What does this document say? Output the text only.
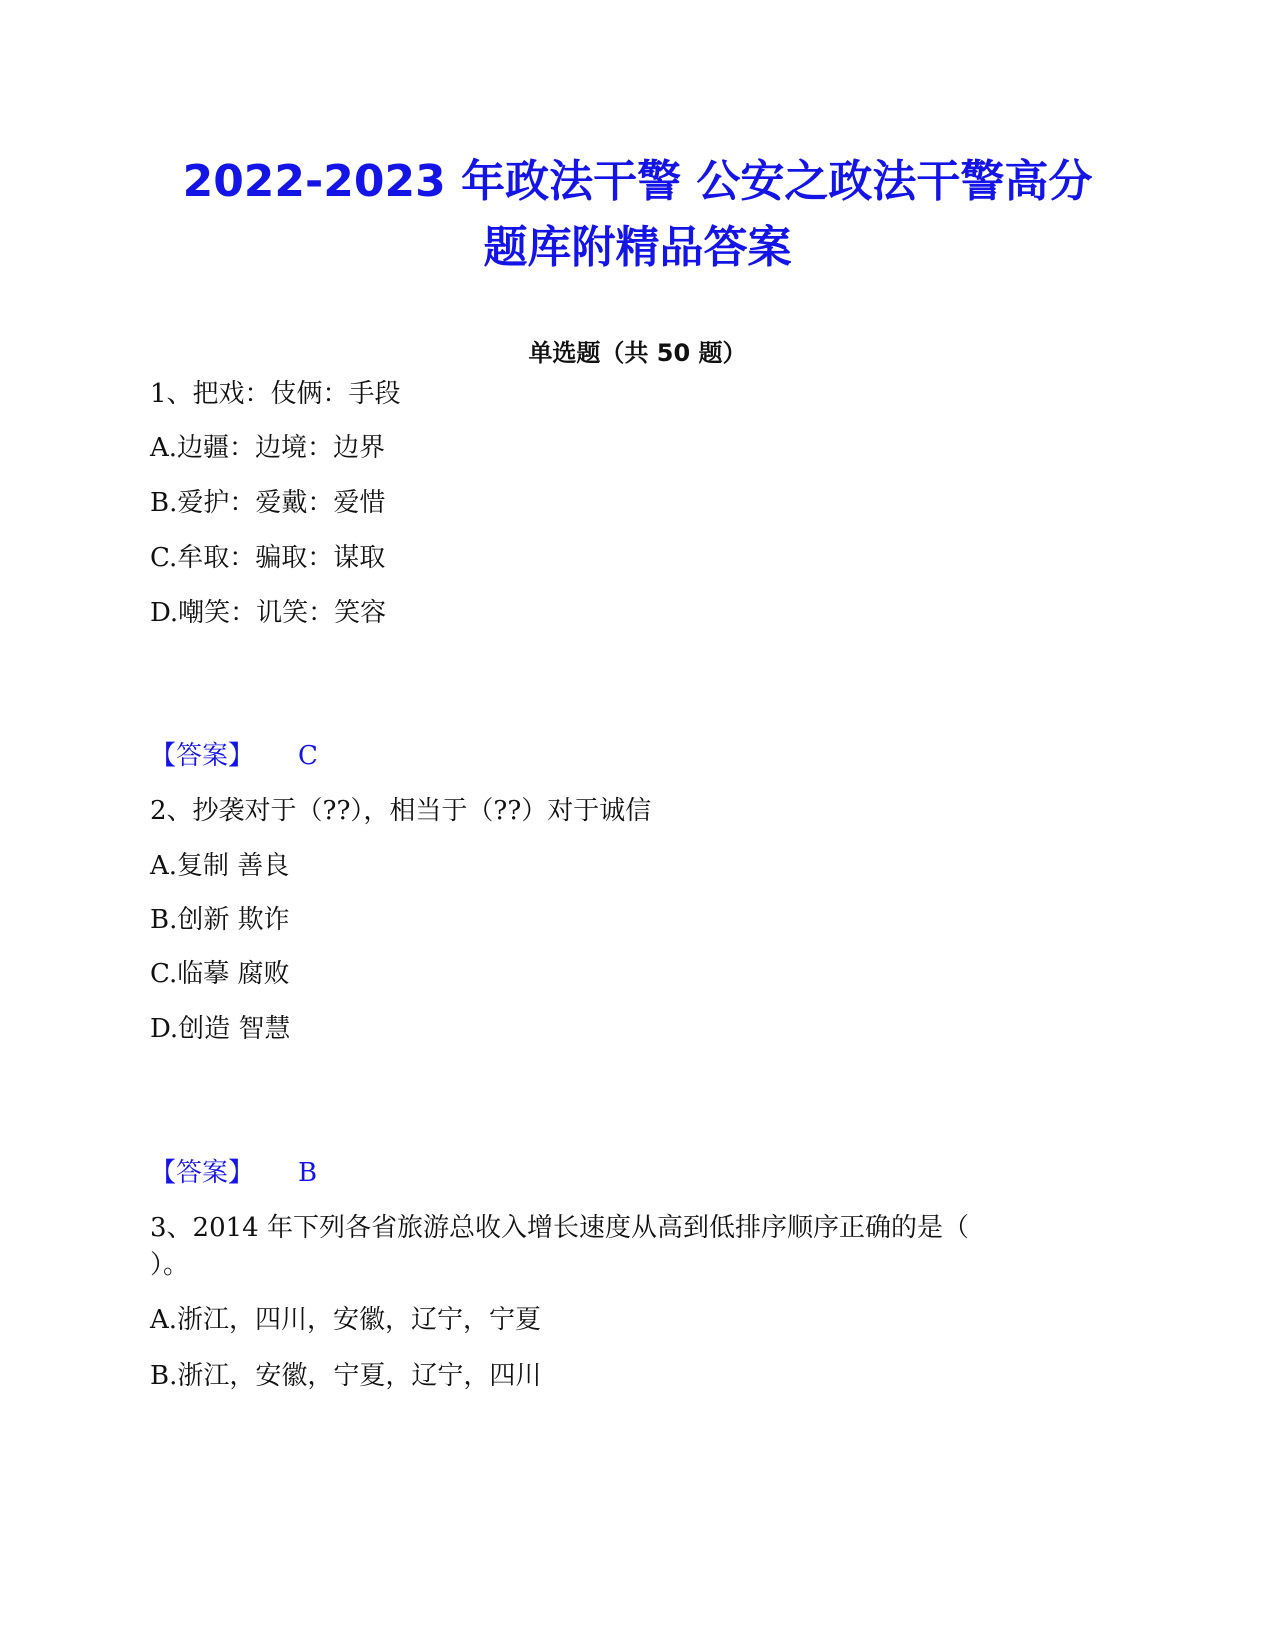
2022-2023 年政法干警 公安之政法干警高分
题库附精品答案
单选题（共 50 题）
1、把戏：伎俩：手段
A.边疆：边境：边界
B.爱护：爱戴：爱惜
C.牟取：骗取：谋取
D.嘲笑：讥笑：笑容
【答案】 C
2、抄袭对于（??），相当于（??）对于诚信
A.复制 善良
B.创新 欺诈
C.临摹 腐败
D.创造 智慧
【答案】 B
3、2014 年下列各省旅游总收入增长速度从高到低排序顺序正确的是（
）。
A.浙江，四川，安徽，辽宁，宁夏
B.浙江，安徽，宁夏，辽宁，四川
